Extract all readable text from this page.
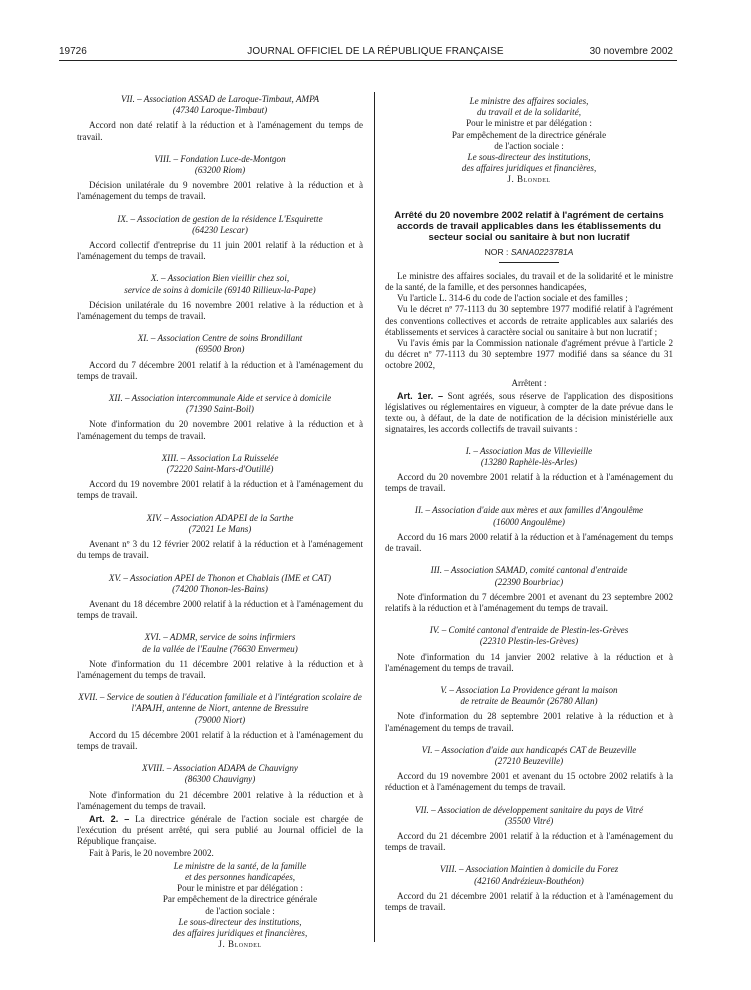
19726	JOURNAL OFFICIEL DE LA RÉPUBLIQUE FRANÇAISE	30 novembre 2002
VII. – Association ASSAD de Laroque-Timbaut, AMPA
(47340 Laroque-Timbaut)

Accord non daté relatif à la réduction et à l'aménagement du temps de travail.

VIII. – Fondation Luce-de-Montgon
(63200 Riom)

Décision unilatérale du 9 novembre 2001 relative à la réduction et à l'aménagement du temps de travail.

IX. – Association de gestion de la résidence L'Esquirette
(64230 Lescar)

Accord collectif d'entreprise du 11 juin 2001 relatif à la réduction et à l'aménagement du temps de travail.

X. – Association Bien vieillir chez soi,
service de soins à domicile (69140 Rillieux-la-Pape)

Décision unilatérale du 16 novembre 2001 relative à la réduction et à l'aménagement du temps de travail.

XI. – Association Centre de soins Brondillant
(69500 Bron)

Accord du 7 décembre 2001 relatif à la réduction et à l'aménagement du temps de travail.

XII. – Association intercommunale Aide et service à domicile
(71390 Saint-Boil)

Note d'information du 20 novembre 2001 relative à la réduction et à l'aménagement du temps de travail.

XIII. – Association La Ruisselée
(72220 Saint-Mars-d'Outillé)

Accord du 19 novembre 2001 relatif à la réduction et à l'aménagement du temps de travail.

XIV. – Association ADAPEI de la Sarthe
(72021 Le Mans)

Avenant nº 3 du 12 février 2002 relatif à la réduction et à l'aménagement du temps de travail.

XV. – Association APEI de Thonon et Chablais (IME et CAT)
(74200 Thonon-les-Bains)

Avenant du 18 décembre 2000 relatif à la réduction et à l'aménagement du temps de travail.

XVI. – ADMR, service de soins infirmiers
de la vallée de l'Eaulne (76630 Envermeu)

Note d'information du 11 décembre 2001 relative à la réduction et à l'aménagement du temps de travail.

XVII. – Service de soutien à l'éducation familiale et à l'intégration scolaire de l'APAJH, antenne de Niort, antenne de Bressuire
(79000 Niort)

Accord du 15 décembre 2001 relatif à la réduction et à l'aménagement du temps de travail.

XVIII. – Association ADAPA de Chauvigny
(86300 Chauvigny)

Note d'information du 21 décembre 2001 relative à la réduction et à l'aménagement du temps de travail.

Art. 2. – La directrice générale de l'action sociale est chargée de l'exécution du présent arrêté, qui sera publié au Journal officiel de la République française.

Fait à Paris, le 20 novembre 2002.

Le ministre de la santé, de la famille

et des personnes handicapées,

Pour le ministre et par délégation :

Par empêchement de la directrice générale

de l'action sociale :

Le sous-directeur des institutions,

des affaires juridiques et financières,

J. Blondel

Le ministre des affaires sociales,

du travail et de la solidarité,

Pour le ministre et par délégation :

Par empêchement de la directrice générale

de l'action sociale :

Le sous-directeur des institutions,

des affaires juridiques et financières,

J. Blondel

Arrêté du 20 novembre 2002 relatif à l'agrément de certains accords de travail applicables dans les établissements du secteur social ou sanitaire à but non lucratif
NOR : SANA0223781A

Le ministre des affaires sociales, du travail et de la solidarité et le ministre de la santé, de la famille, et des personnes handicapées,

Vu l'article L. 314-6 du code de l'action sociale et des familles ;

Vu le décret nº 77-1113 du 30 septembre 1977 modifié relatif à l'agrément des conventions collectives et accords de retraite applicables aux salariés des établissements et services à caractère social ou sanitaire à but non lucratif ;

Vu l'avis émis par la Commission nationale d'agrément prévue à l'article 2 du décret nº 77-1113 du 30 septembre 1977 modifié dans sa séance du 31 octobre 2002,

Arrêtent :

Art. 1er. – Sont agréés, sous réserve de l'application des dispositions législatives ou réglementaires en vigueur, à compter de la date prévue dans le texte ou, à défaut, de la date de notification de la décision ministérielle aux signataires, les accords collectifs de travail suivants :

I. – Association Mas de Villevieille
(13280 Raphèle-lès-Arles)

Accord du 20 novembre 2001 relatif à la réduction et à l'aménagement du temps de travail.

II. – Association d'aide aux mères et aux familles d'Angoulême
(16000 Angoulême)

Accord du 16 mars 2000 relatif à la réduction et à l'aménagement du temps de travail.

III. – Association SAMAD, comité cantonal d'entraide
(22390 Bourbriac)

Note d'information du 7 décembre 2001 et avenant du 23 septembre 2002 relatifs à la réduction et à l'aménagement du temps de travail.

IV. – Comité cantonal d'entraide de Plestin-les-Grèves
(22310 Plestin-les-Grèves)

Note d'information du 14 janvier 2002 relative à la réduction et à l'aménagement du temps de travail.

V. – Association La Providence gérant la maison
de retraite de Beaumôr (26780 Allan)

Note d'information du 28 septembre 2001 relative à la réduction et à l'aménagement du temps de travail.

VI. – Association d'aide aux handicapés CAT de Beuzeville
(27210 Beuzeville)

Accord du 19 novembre 2001 et avenant du 15 octobre 2002 relatifs à la réduction et à l'aménagement du temps de travail.

VII. – Association de développement sanitaire du pays de Vitré
(35500 Vitré)

Accord du 21 décembre 2001 relatif à la réduction et à l'aménagement du temps de travail.

VIII. – Association Maintien à domicile du Forez
(42160 Andrézieux-Bouthéon)

Accord du 21 décembre 2001 relatif à la réduction et à l'aménagement du temps de travail.
